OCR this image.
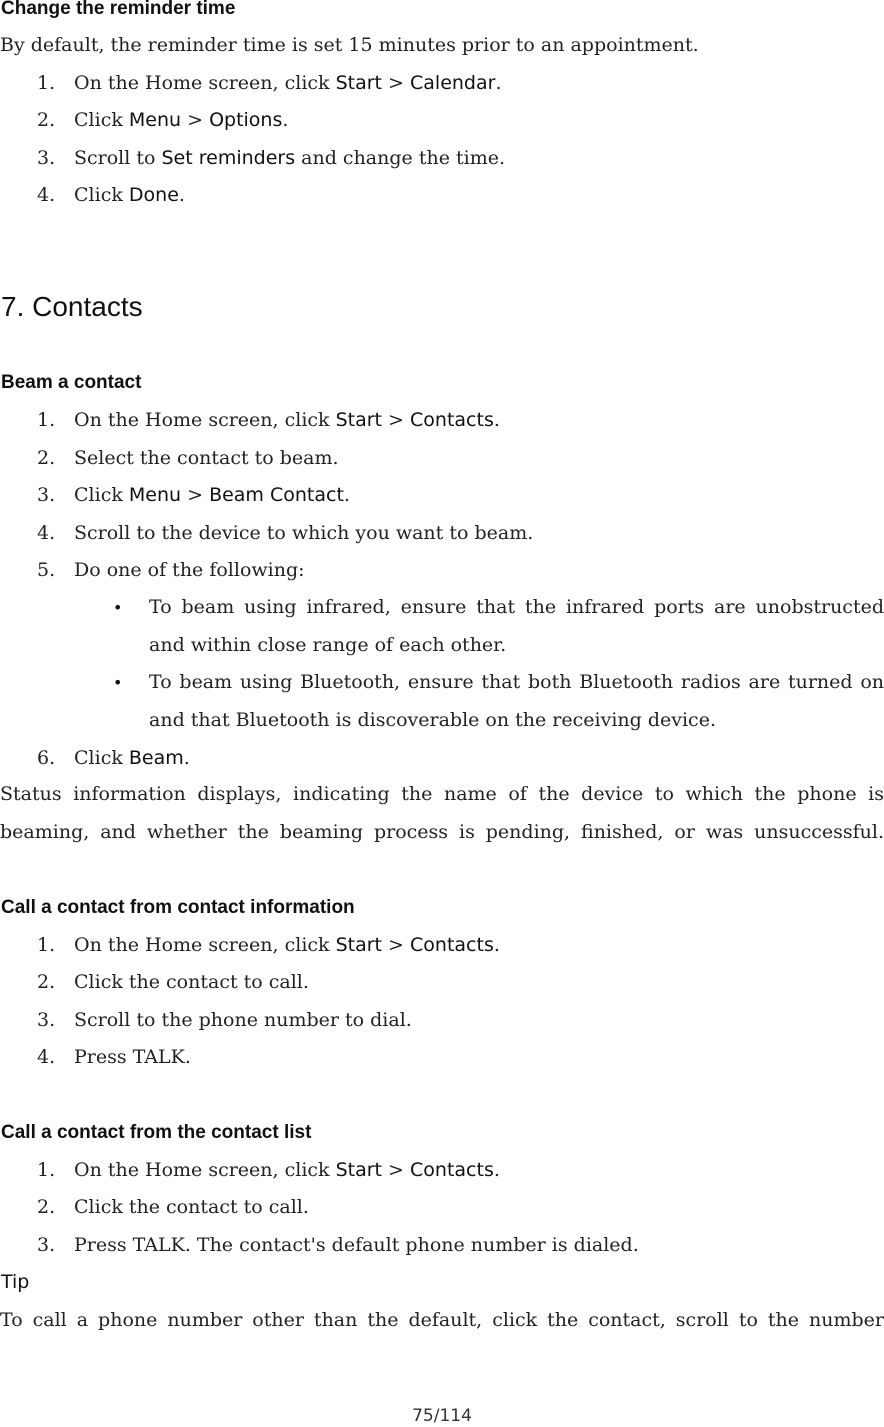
Change the reminder time
By default, the reminder time is set 15 minutes prior to an appointment.
1. On the Home screen, click Start > Calendar.
2. Click Menu > Options.
3. Scroll to Set reminders and change the time.
4. Click Done.
7. Contacts
Beam a contact
1. On the Home screen, click Start > Contacts.
2. Select the contact to beam.
3. Click Menu > Beam Contact.
4. Scroll to the device to which you want to beam.
5. Do one of the following:
• To beam using infrared, ensure that the infrared ports are unobstructed and within close range of each other.
• To beam using Bluetooth, ensure that both Bluetooth radios are turned on and that Bluetooth is discoverable on the receiving device.
6. Click Beam.
Status information displays, indicating the name of the device to which the phone is beaming, and whether the beaming process is pending, finished, or was unsuccessful.
Call a contact from contact information
1. On the Home screen, click Start > Contacts.
2. Click the contact to call.
3. Scroll to the phone number to dial.
4. Press TALK.
Call a contact from the contact list
1. On the Home screen, click Start > Contacts.
2. Click the contact to call.
3. Press TALK. The contact's default phone number is dialed.
Tip
To call a phone number other than the default, click the contact, scroll to the number
75/114
